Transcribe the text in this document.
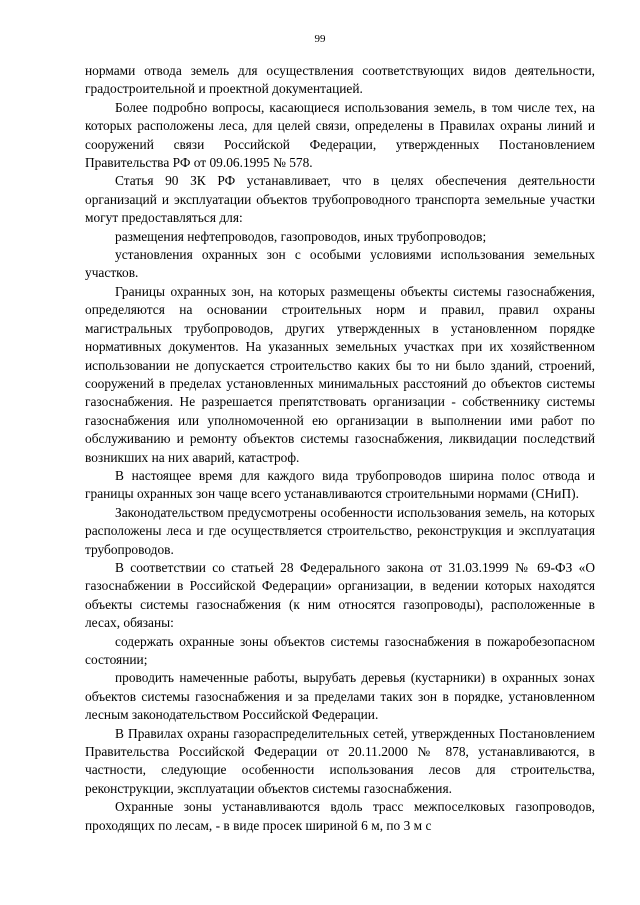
99

нормами отвода земель для осуществления соответствующих видов деятельности, градостроительной и проектной документацией.

Более подробно вопросы, касающиеся использования земель, в том числе тех, на которых расположены леса, для целей связи, определены в Правилах охраны линий и сооружений связи Российской Федерации, утвержденных Постановлением Правительства РФ от 09.06.1995 № 578.

Статья 90 ЗК РФ устанавливает, что в целях обеспечения деятельности организаций и эксплуатации объектов трубопроводного транспорта земельные участки могут предоставляться для:

размещения нефтепроводов, газопроводов, иных трубопроводов;

установления охранных зон с особыми условиями использования земельных участков.

Границы охранных зон, на которых размещены объекты системы газоснабжения, определяются на основании строительных норм и правил, правил охраны магистральных трубопроводов, других утвержденных в установленном порядке нормативных документов. На указанных земельных участках при их хозяйственном использовании не допускается строительство каких бы то ни было зданий, строений, сооружений в пределах установленных минимальных расстояний до объектов системы газоснабжения. Не разрешается препятствовать организации - собственнику системы газоснабжения или уполномоченной ею организации в выполнении ими работ по обслуживанию и ремонту объектов системы газоснабжения, ликвидации последствий возникших на них аварий, катастроф.

В настоящее время для каждого вида трубопроводов ширина полос отвода и границы охранных зон чаще всего устанавливаются строительными нормами (СНиП).

Законодательством предусмотрены особенности использования земель, на которых расположены леса и где осуществляется строительство, реконструкция и эксплуатация трубопроводов.

В соответствии со статьей 28 Федерального закона от 31.03.1999 № 69-ФЗ «О газоснабжении в Российской Федерации» организации, в ведении которых находятся объекты системы газоснабжения (к ним относятся газопроводы), расположенные в лесах, обязаны:

содержать охранные зоны объектов системы газоснабжения в пожаробезопасном состоянии;

проводить намеченные работы, вырубать деревья (кустарники) в охранных зонах объектов системы газоснабжения и за пределами таких зон в порядке, установленном лесным законодательством Российской Федерации.

В Правилах охраны газораспределительных сетей, утвержденных Постановлением Правительства Российской Федерации от 20.11.2000 № 878, устанавливаются, в частности, следующие особенности использования лесов для строительства, реконструкции, эксплуатации объектов системы газоснабжения.

Охранные зоны устанавливаются вдоль трасс межпоселковых газопроводов, проходящих по лесам, - в виде просек шириной 6 м, по 3 м с
